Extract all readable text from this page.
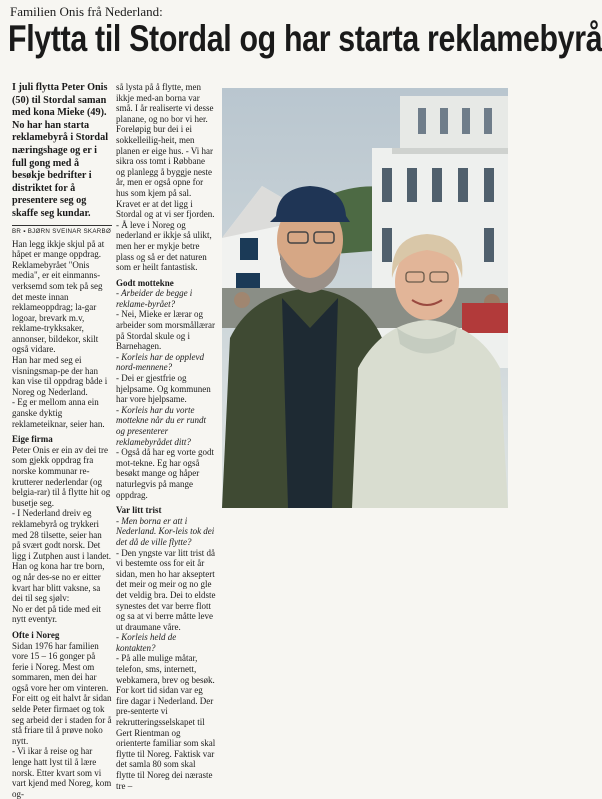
Familien Onis frå Nederland:
Flytta til Stordal og har starta reklamebyrå
I juli flytta Peter Onis (50) til Stordal saman med kona Mieke (49). No har han starta reklamebyrå i Stordal næringshage og er i full gong med å besøkje bedrifter i distriktet for å presentere seg og skaffe seg kundar.
BR ▪ BJØRN SVEINAR SKARBØ
Han legg ikkje skjul på at håpet er mange oppdrag. Reklamebyrået "Onis media", er eit einmanns-verksemd som tek på seg det meste innan reklameoppdrag; la-gar logoar, brevark m.v, reklame-trykksaker, annonser, bildekor, skilt også vidare.
Han har med seg ei visningsmap-pe der han kan vise til oppdrag både i Noreg og Nederland.
- Eg er mellom anna ein ganske dyktig reklameteiknar, seier han.
Eige firma
Peter Onis er ein av dei tre som gjekk oppdrag fra norske kommunar re-krutterer nederlendar (og belgia-rar) til å flytte hit og busetje seg.
- I Nederland dreiv eg reklamebyrå og trykkeri med 28 tilsette, seier han på svært godt norsk. Det ligg i Zutphen aust i landet. Han og kona har tre born, og når des-se no er eitter kvart har blitt vaksne, sa dei til seg sjølv:
No er det på tide med eit nytt eventyr.
Ofte i Noreg
Sidan 1976 har familien vore 15 – 16 gonger på ferie i Noreg. Mest om sommaren, men dei har også vore her om vinteren. For eitt og eit halvt år sidan selde Peter firmaet og tok seg arbeid der i staden for å stå friare til å prøve noko nytt.
- Vi ikar å reise og har lenge hatt lyst til å lære norsk. Etter kvart som vi vart kjend med Noreg, kom og-
så lysta på å flytte, men ikkje med-an borna var små. I år realiserte vi desse planane, og no bor vi her. Foreløpig bur dei i ei sokkelleilig-heit, men planen er eige hus. - Vi har sikra oss tomt i Røbbane og planlegg å byggje neste år, men er også opne for hus som kjem på sal. Kravet er at det ligg i Stordal og at vi ser fjorden.
- Å leve i Noreg og nederland er ikkje så ulikt, men her er mykje betre plass og så er det naturen som er heilt fantastisk.
Godt mottekne
- Arbeider de begge i reklame-byrået?
- Nei, Mieke er lærar og arbeider som morsmållærar på Stordal skule og i Barnehagen.
- Korleis har de opplevd nord-mennene?
- Dei er gjestfrie og hjelpsame. Og kommunen har vore hjelpsame.
- Korleis har du vorte mottekne når du er rundt og presenterer reklamebyrådet ditt?
- Også då har eg vorte godt mot-tekne. Eg har også besøkt mange og håper naturlegvis på mange oppdrag.
Var litt trist
- Men borna er att i Nederland. Kor-leis tok dei det då de ville flytte?
- Den yngste var litt trist då vi bestemte oss for eit år sidan, men ho har akseptert det meir og meir og no gle det veldig bra. Dei to eldste synestes det var berre flott og sa at vi berre måtte leve ut draumane våre.
- Korleis held de kontakten?
- På alle mulige måtar, telefon, sms, internett, webkamera, brev og besøk. For kort tid sidan var eg fire dagar i Nederland. Der pre-senterte vi rekrutteringsselskapet til Gert Rientman og orienterte familiar som skal flytte til Noreg. Faktisk var det samla 80 som skal flytte til Noreg dei næraste tre –
